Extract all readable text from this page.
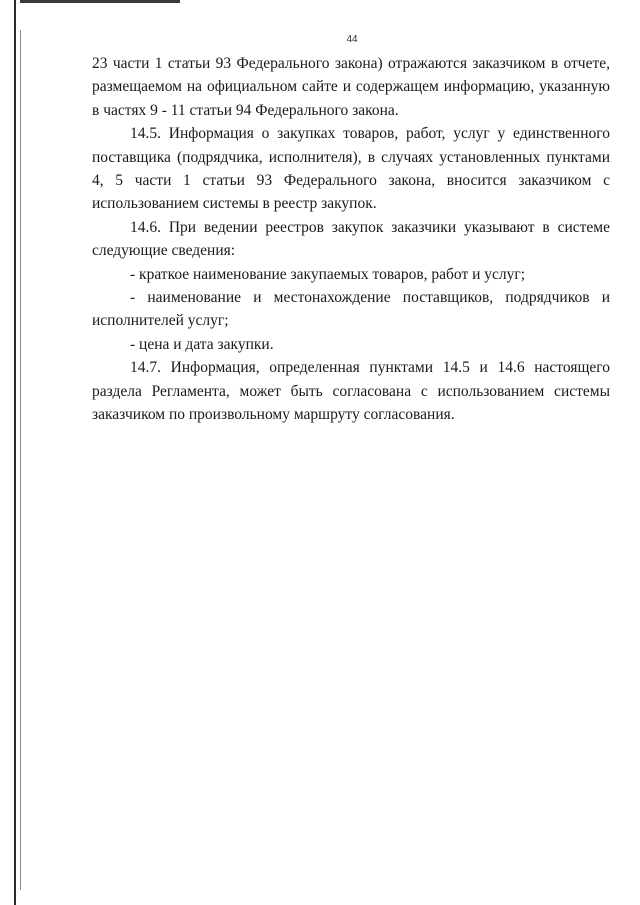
44

23 части 1 статьи 93 Федерального закона) отражаются заказчиком в отчете, размещаемом на официальном сайте и содержащем информацию, указанную в частях 9 - 11 статьи 94 Федерального закона.

14.5. Информация о закупках товаров, работ, услуг у единственного поставщика (подрядчика, исполнителя), в случаях установленных пунктами 4, 5 части 1 статьи 93 Федерального закона, вносится заказчиком с использованием системы в реестр закупок.

14.6. При ведении реестров закупок заказчики указывают в системе следующие сведения:

- краткое наименование закупаемых товаров, работ и услуг;

- наименование и местонахождение поставщиков, подрядчиков и исполнителей услуг;

- цена и дата закупки.

14.7. Информация, определенная пунктами 14.5 и 14.6 настоящего раздела Регламента, может быть согласована с использованием системы заказчиком по произвольному маршруту согласования.
